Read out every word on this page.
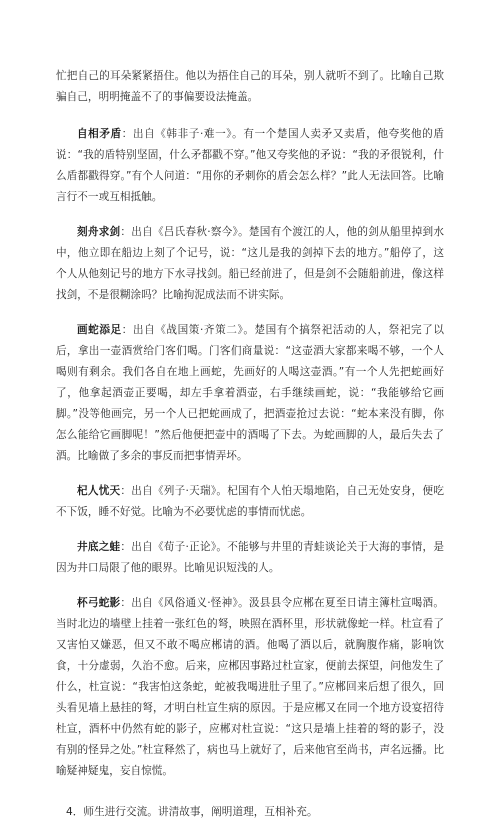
忙把自己的耳朵紧紧捂住。他以为捂住自己的耳朵，别人就听不到了。比喻自己欺骗自己，明明掩盖不了的事偏要设法掩盖。

自相矛盾：出自《韩非子·难一》。有一个楚国人卖矛又卖盾，他夸奖他的盾说：“我的盾特别坚固，什么矛都戳不穿。”他又夸奖他的矛说：“我的矛很锐利，什么盾都戳得穿。”有个人问道：“用你的矛刺你的盾会怎么样？”此人无法回答。比喻言行不一或互相抵触。

刻舟求剑：出自《吕氏春秋·察今》。楚国有个渡江的人，他的剑从船里掉到水中，他立即在船边上刻了个记号，说：“这儿是我的剑掉下去的地方。”船停了，这个人从他刻记号的地方下水寻找剑。船已经前进了，但是剑不会随船前进，像这样找剑，不是很糊涂吗？比喻拘泥成法而不讲实际。

画蛇添足：出自《战国策·齐策二》。楚国有个搞祭祀活动的人，祭祀完了以后，拿出一壶酒赏给门客们喝。门客们商量说：“这壶酒大家都来喝不够，一个人喝则有剩余。我们各自在地上画蛇，先画好的人喝这壶酒。”有一个人先把蛇画好了，他拿起酒壶正要喝，却左手拿着酒壶，右手继续画蛇，说：“我能够给它画脚。”没等他画完，另一个人已把蛇画成了，把酒壶抢过去说：“蛇本来没有脚，你怎么能给它画脚呢！”然后他便把壶中的酒喝了下去。为蛇画脚的人，最后失去了酒。比喻做了多余的事反而把事情弄坏。

杞人忧天：出自《列子·天瑞》。杞国有个人怕天塌地陷，自己无处安身，便吃不下饭，睡不好觉。比喻为不必要忧虑的事情而忧虑。

井底之蛙：出自《荀子·正论》。不能够与井里的青蛙谈论关于大海的事情，是因为井口局限了他的眼界。比喻见识短浅的人。

杯弓蛇影：出自《风俗通义·怪神》。汲县县令应郴在夏至日请主簿杜宣喝酒。当时北边的墙壁上挂着一张红色的弩，映照在酒杯里，形状就像蛇一样。杜宣看了又害怕又嫌恶，但又不敢不喝应郴请的酒。他喝了酒以后，就胸腹作痛，影响饮食，十分虚弱，久治不愈。后来，应郴因事路过杜宣家，便前去探望，问他发生了什么，杜宣说：“我害怕这条蛇，蛇被我喝进肚子里了。”应郴回来后想了很久，回头看见墙上悬挂的弩，才明白杜宣生病的原因。于是应郴又在同一个地方设宴招待杜宣，酒杯中仍然有蛇的影子，应郴对杜宣说：“这只是墙上挂着的弩的影子，没有别的怪异之处。”杜宣释然了，病也马上就好了，后来他官至尚书，声名远播。比喻疑神疑鬼，妄自惊慌。

4．师生进行交流。讲清故事，阐明道理，互相补充。
